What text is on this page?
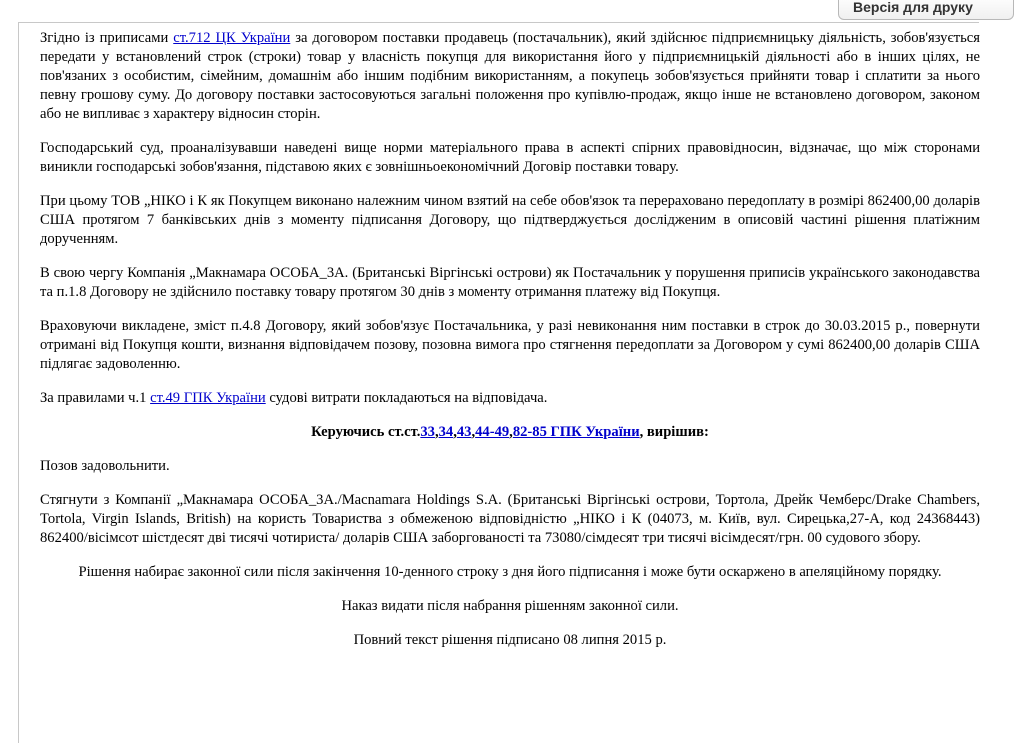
Версія для друку

Згідно із приписами ст.712 ЦК України за договором поставки продавець (постачальник), який здійснює підприємницьку діяльність, зобов'язується передати у встановлений строк (строки) товар у власність покупця для використання його у підприємницькій діяльності або в інших цілях, не пов'язаних з особистим, сімейним, домашнім або іншим подібним використанням, а покупець зобов'язується прийняти товар і сплатити за нього певну грошову суму. До договору поставки застосовуються загальні положення про купівлю-продаж, якщо інше не встановлено договором, законом або не випливає з характеру відносин сторін.

Господарський суд, проаналізувавши наведені вище норми матеріального права в аспекті спірних правовідносин, відзначає, що між сторонами виникли господарські зобов'язання, підставою яких є зовнішньоекономічний Договір поставки товару.

При цьому ТОВ „НІКО і К як Покупцем виконано належним чином взятий на себе обов'язок та перераховано передоплату в розмірі 862400,00 доларів США протягом 7 банківських днів з моменту підписання Договору, що підтверджується дослідженим в описовій частині рішення платіжним дорученням.

В свою чергу Компанія „Макнамара ОСОБА_3А. (Британські Віргінські острови) як Постачальник у порушення приписів українського законодавства та п.1.8 Договору не здійснило поставку товару протягом 30 днів з моменту отримання платежу від Покупця.

Враховуючи викладене, зміст п.4.8 Договору, який зобов'язує Постачальника, у разі невиконання ним поставки в строк до 30.03.2015 р., повернути отримані від Покупця кошти, визнання відповідачем позову, позовна вимога про стягнення передоплати за Договором у сумі 862400,00 доларів США підлягає задоволенню.

За правилами ч.1 ст.49 ГПК України судові витрати покладаються на відповідача.

Керуючись ст.ст.33,34,43,44-49,82-85 ГПК України, вирішив:

Позов задовольнити.

Стягнути з Компанії „Макнамара ОСОБА_3А./Macnamara Holdings S.A. (Британські Віргінські острови, Тортола, Дрейк Чемберс/Drake Chambers, Tortola, Virgin Islands, British) на користь Товариства з обмеженою відповідністю „НІКО і К (04073, м. Київ, вул. Сирецька,27-А, код 24368443) 862400/вісімсот шістдесят дві тисячі чотириста/ доларів США заборгованості та 73080/сімдесят три тисячі вісімдесят/грн. 00 судового збору.

Рішення набирає законної сили після закінчення 10-денного строку з дня його підписання і може бути оскаржено в апеляційному порядку.

Наказ видати після набрання рішенням законної сили.

Повний текст рішення підписано 08 липня 2015 р.
